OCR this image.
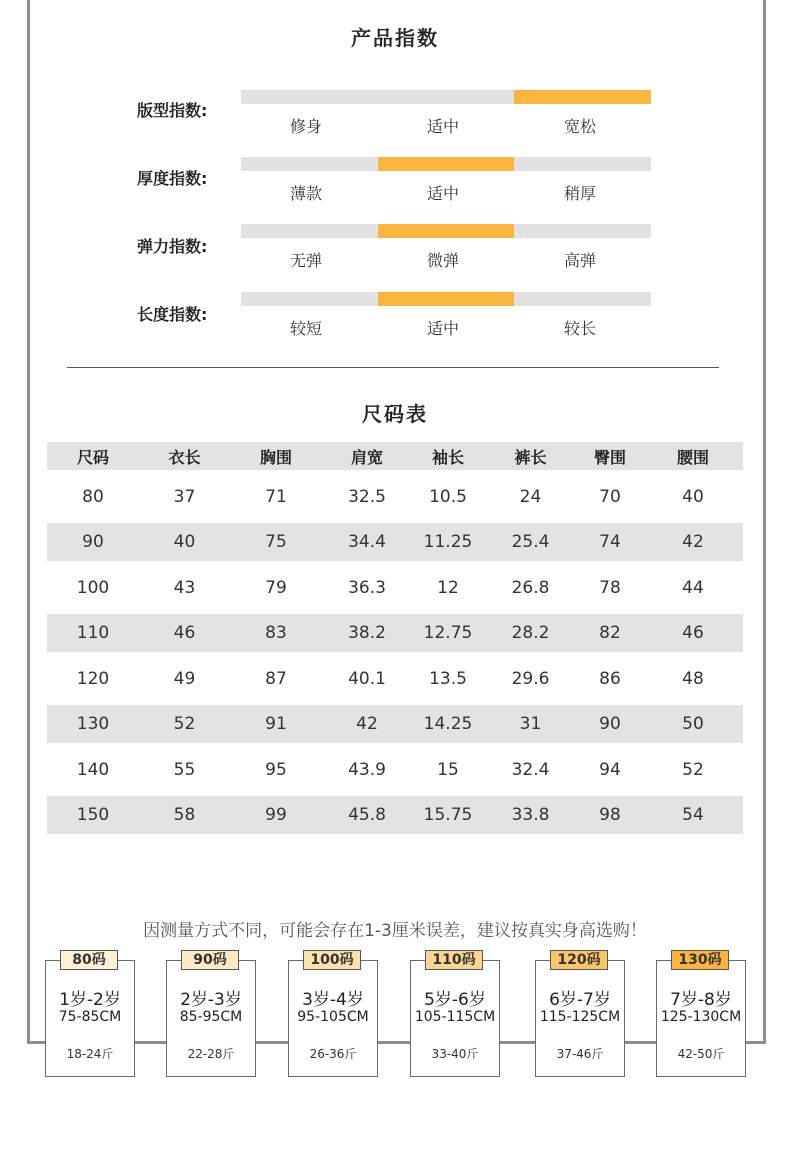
产品指数
版型指数:
修身	适中	宽松
厚度指数:
薄款	适中	稍厚
弹力指数:
无弹	微弹	高弹
长度指数:
较短	适中	较长
尺码表
尺码	衣长	胸围	肩宽	袖长	裤长	臀围	腰围
80	37	71	32.5	10.5	24	70	40
90	40	75	34.4	11.25	25.4	74	42
100	43	79	36.3	12	26.8	78	44
110	46	83	38.2	12.75	28.2	82	46
120	49	87	40.1	13.5	29.6	86	48
130	52	91	42	14.25	31	90	50
140	55	95	43.9	15	32.4	94	52
150	58	99	45.8	15.75	33.8	98	54
因测量方式不同，可能会存在1-3厘米误差，建议按真实身高选购！
80码
1岁-2岁
75-85CM
18-24斤
90码
2岁-3岁
85-95CM
22-28斤
100码
3岁-4岁
95-105CM
26-36斤
110码
5岁-6岁
105-115CM
33-40斤
120码
6岁-7岁
115-125CM
37-46斤
130码
7岁-8岁
125-130CM
42-50斤
